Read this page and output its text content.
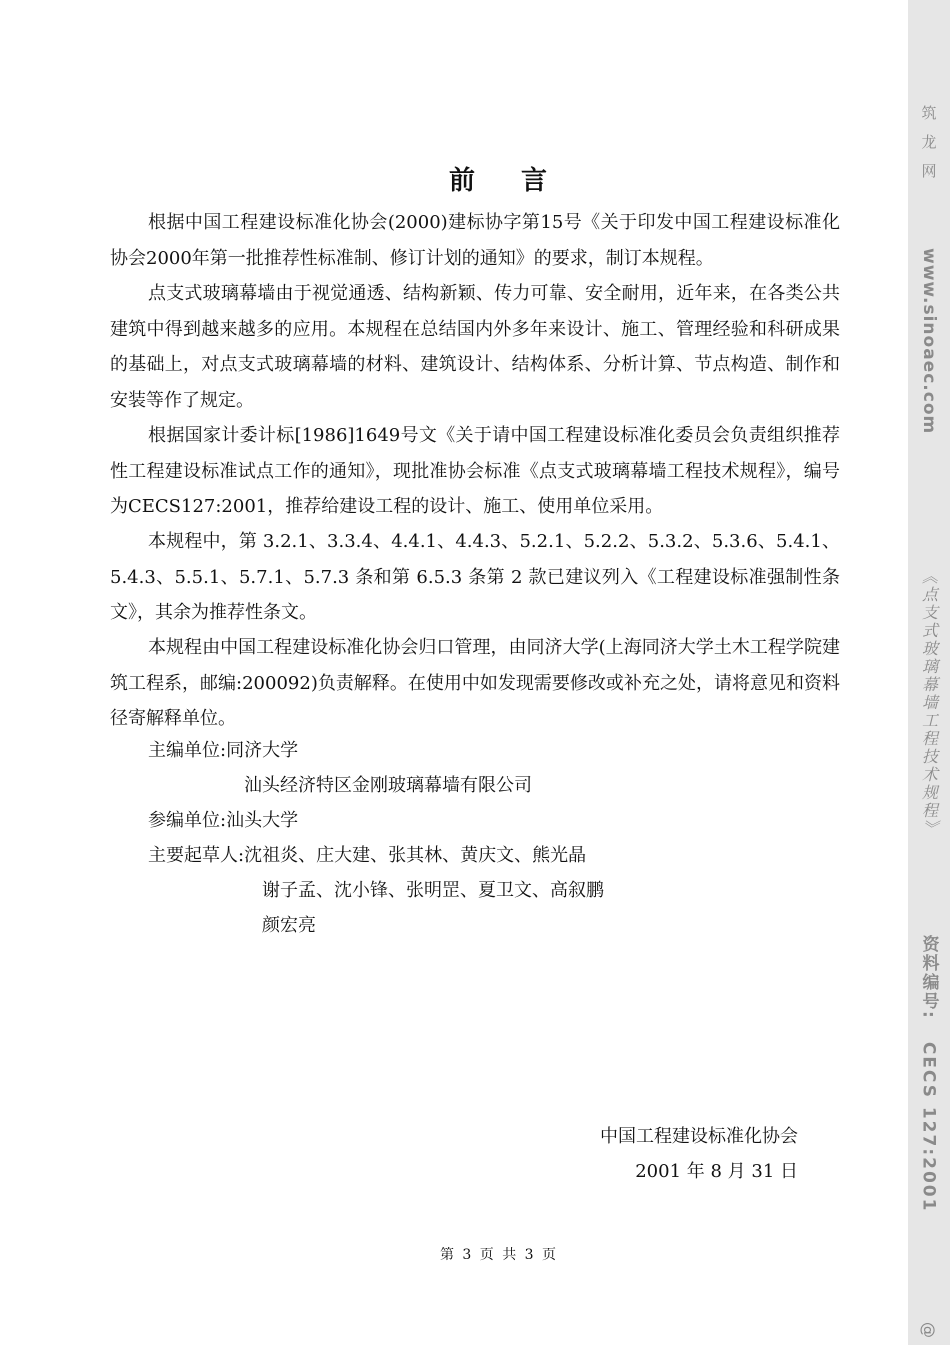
前言

根据中国工程建设标准化协会(2000)建标协字第15号《关于印发中国工程建设标准化协会2000年第一批推荐性标准制、修订计划的通知》的要求，制订本规程。

点支式玻璃幕墙由于视觉通透、结构新颖、传力可靠、安全耐用，近年来，在各类公共建筑中得到越来越多的应用。本规程在总结国内外多年来设计、施工、管理经验和科研成果的基础上，对点支式玻璃幕墙的材料、建筑设计、结构体系、分析计算、节点构造、制作和安装等作了规定。

根据国家计委计标[1986]1649号文《关于请中国工程建设标准化委员会负责组织推荐性工程建设标准试点工作的通知》，现批准协会标准《点支式玻璃幕墙工程技术规程》，编号为CECS127:2001，推荐给建设工程的设计、施工、使用单位采用。

本规程中，第 3.2.1、3.3.4、4.4.1、4.4.3、5.2.1、5.2.2、5.3.2、5.3.6、5.4.1、5.4.3、5.5.1、5.7.1、5.7.3 条和第 6.5.3 条第 2 款已建议列入《工程建设标准强制性条文》，其余为推荐性条文。

本规程由中国工程建设标准化协会归口管理，由同济大学(上海同济大学土木工程学院建筑工程系，邮编:200092)负责解释。在使用中如发现需要修改或补充之处，请将意见和资料径寄解释单位。

主编单位:同济大学
汕头经济特区金刚玻璃幕墙有限公司
参编单位:汕头大学
主要起草人:沈祖炎、庄大建、张其林、黄庆文、熊光晶
谢子孟、沈小锋、张明罡、夏卫文、高叙鹏
颜宏亮
中国工程建设标准化协会
2001 年 8 月 31 日
第 3 页 共 3 页
筑龙网
www.sinoaec.com
《点支式玻璃幕墙工程技术规程》
资料编号:CECS 127:2001
@
